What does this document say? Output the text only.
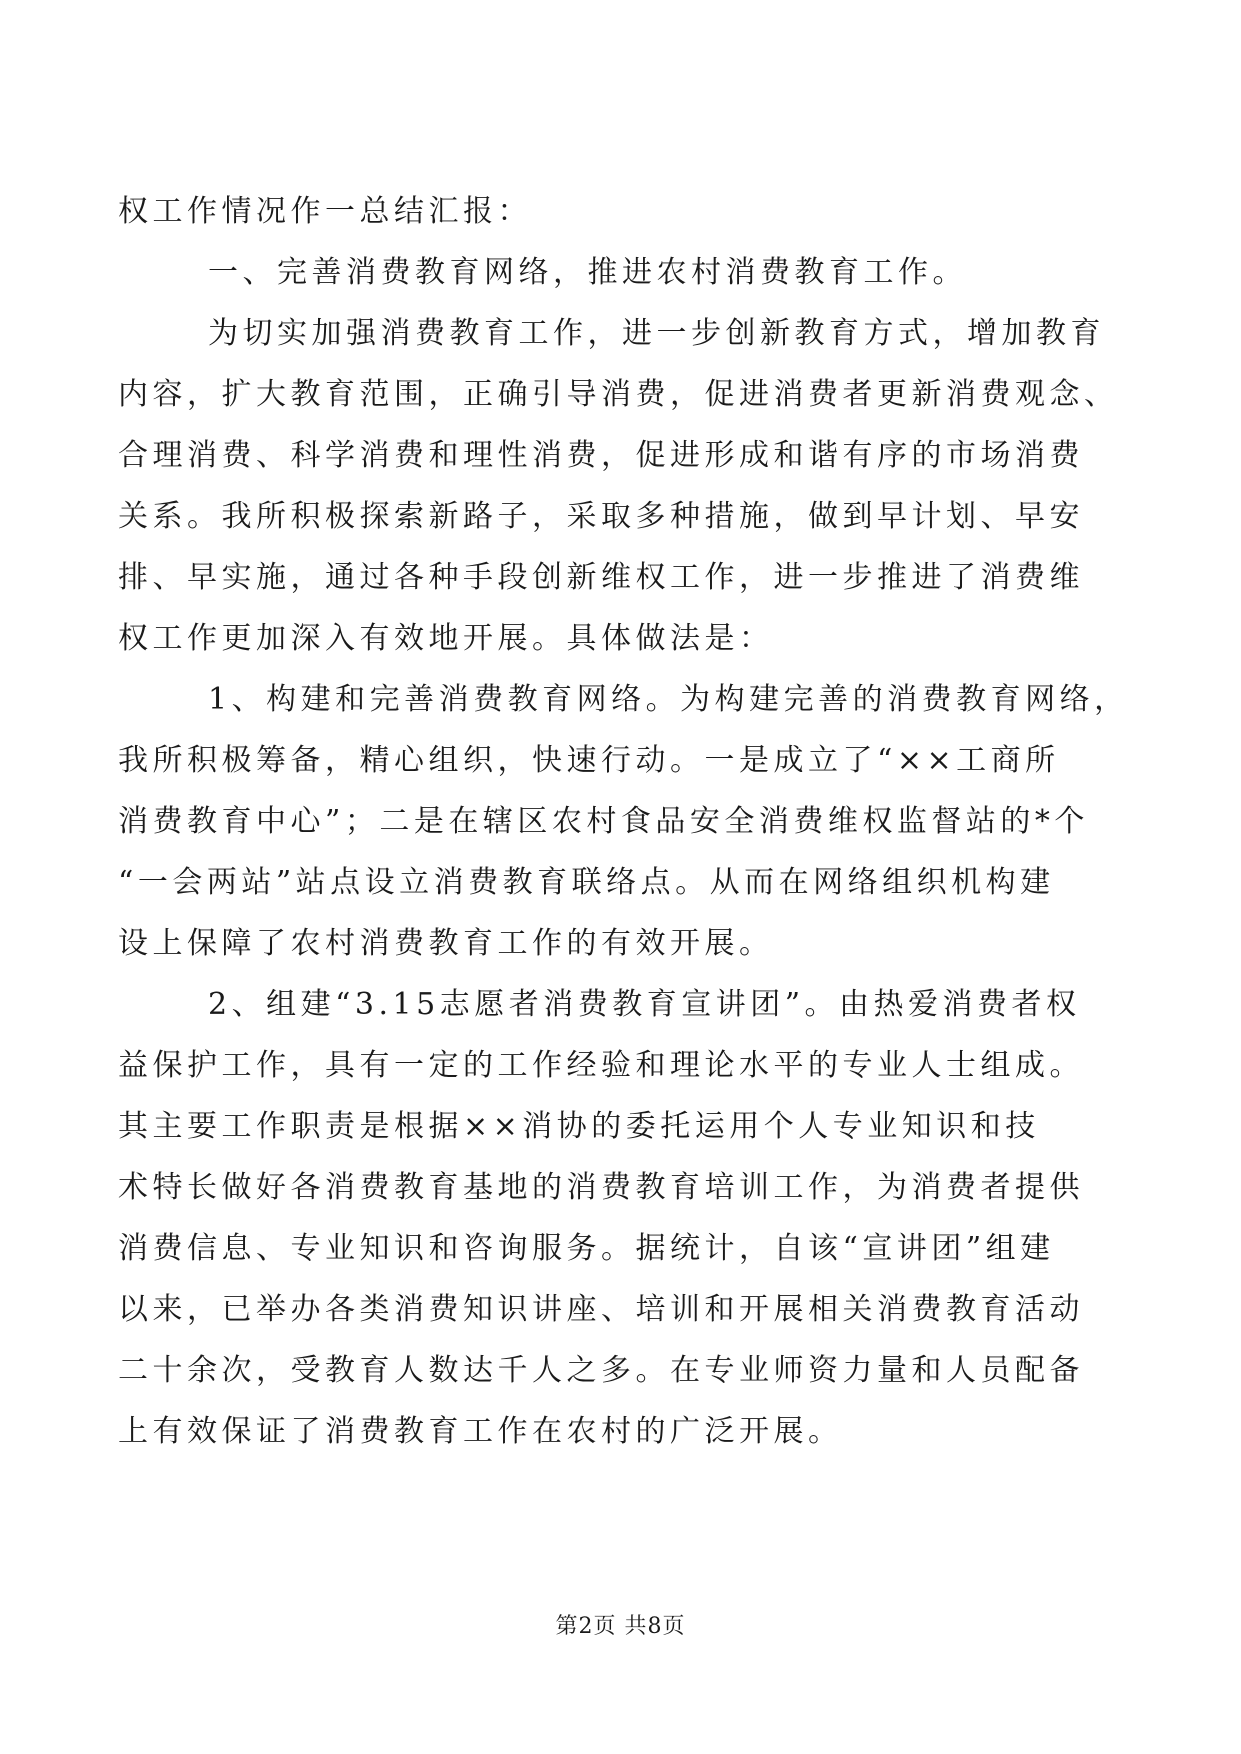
权工作情况作一总结汇报：
一、完善消费教育网络，推进农村消费教育工作。
为切实加强消费教育工作，进一步创新教育方式，增加教育
内容，扩大教育范围，正确引导消费，促进消费者更新消费观念、
合理消费、科学消费和理性消费，促进形成和谐有序的市场消费
关系。我所积极探索新路子，采取多种措施，做到早计划、早安
排、早实施，通过各种手段创新维权工作，进一步推进了消费维
权工作更加深入有效地开展。具体做法是：
1、构建和完善消费教育网络。为构建完善的消费教育网络，
我所积极筹备，精心组织，快速行动。一是成立了“××工商所
消费教育中心”；二是在辖区农村食品安全消费维权监督站的*个
“一会两站”站点设立消费教育联络点。从而在网络组织机构建
设上保障了农村消费教育工作的有效开展。
2、组建“3.15志愿者消费教育宣讲团”。由热爱消费者权
益保护工作，具有一定的工作经验和理论水平的专业人士组成。
其主要工作职责是根据××消协的委托运用个人专业知识和技
术特长做好各消费教育基地的消费教育培训工作，为消费者提供
消费信息、专业知识和咨询服务。据统计，自该“宣讲团”组建
以来，已举办各类消费知识讲座、培训和开展相关消费教育活动
二十余次，受教育人数达千人之多。在专业师资力量和人员配备
上有效保证了消费教育工作在农村的广泛开展。
第2页 共8页
